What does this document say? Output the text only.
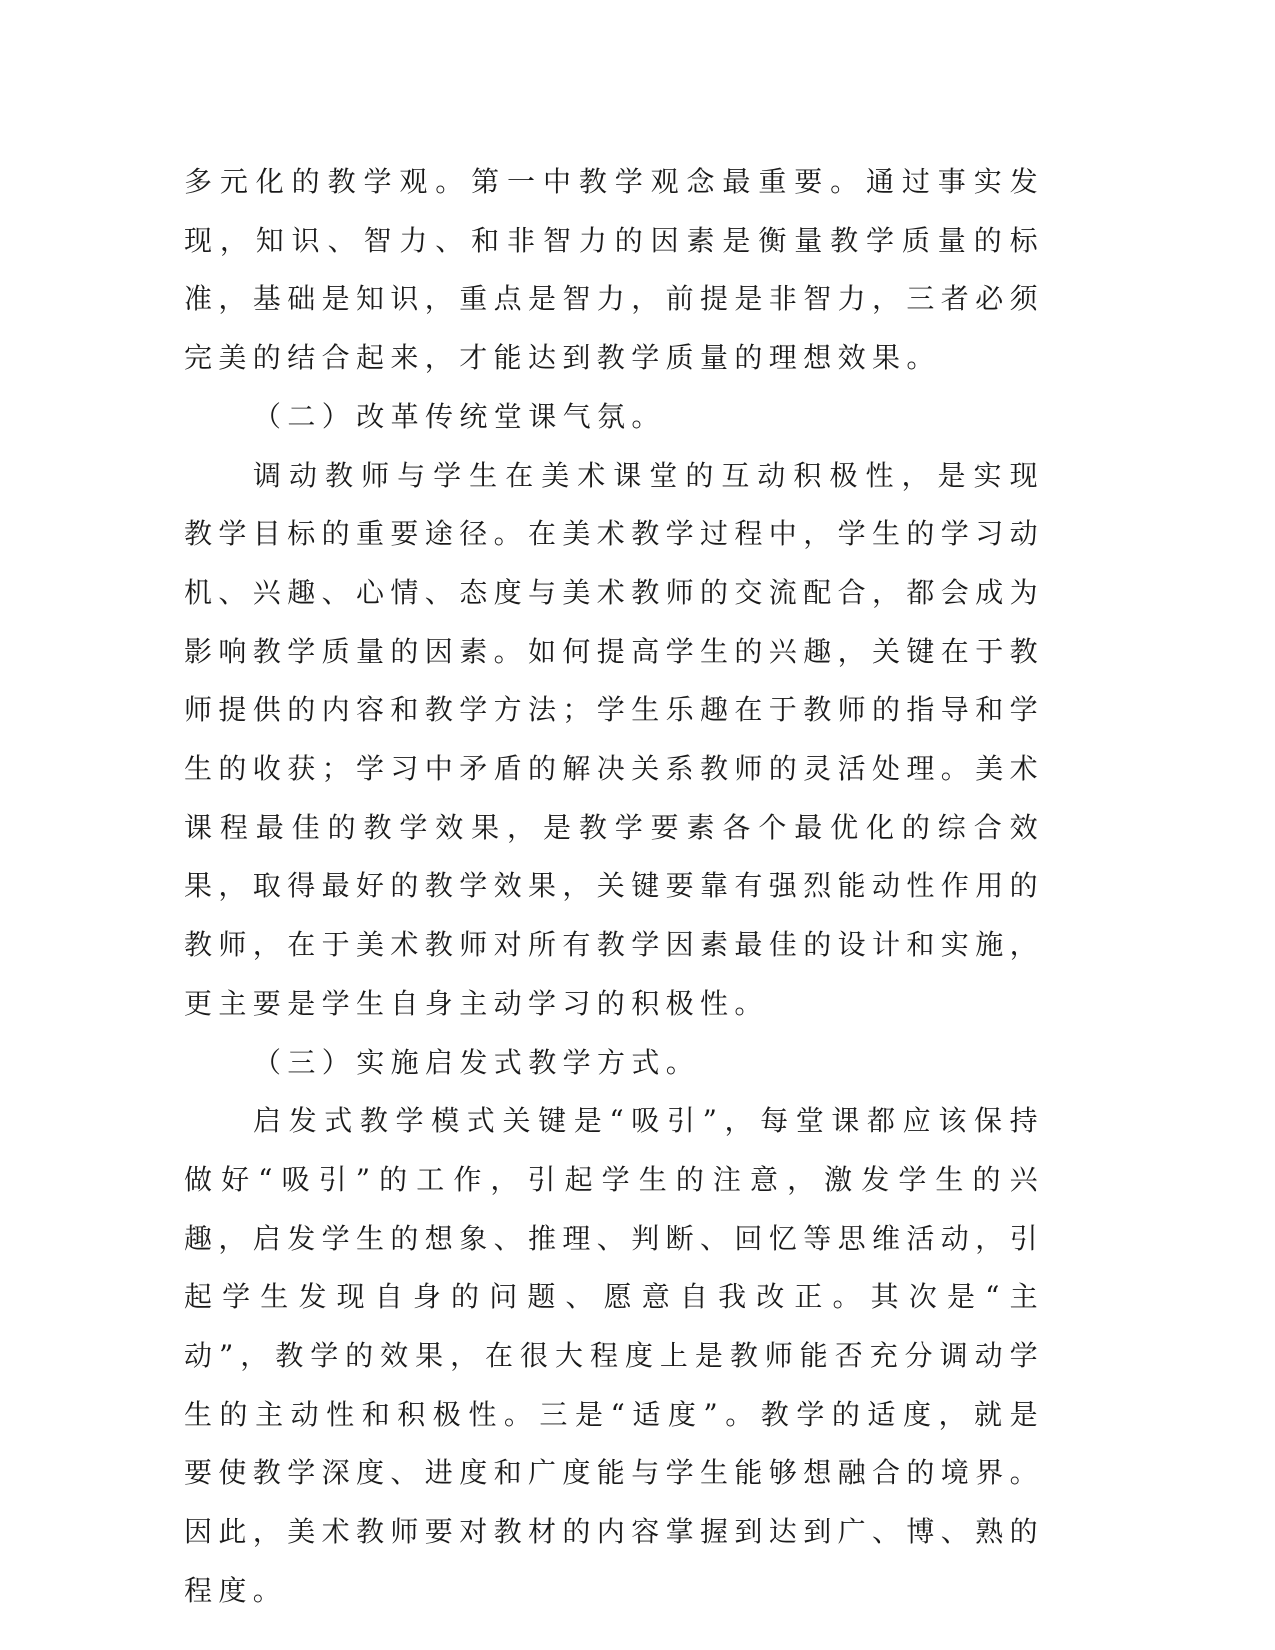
多元化的教学观。第一中教学观念最重要。通过事实发现，知识、智力、和非智力的因素是衡量教学质量的标准，基础是知识，重点是智力，前提是非智力，三者必须完美的结合起来，才能达到教学质量的理想效果。

（二）改革传统堂课气氛。

调动教师与学生在美术课堂的互动积极性，是实现教学目标的重要途径。在美术教学过程中，学生的学习动机、兴趣、心情、态度与美术教师的交流配合，都会成为影响教学质量的因素。如何提高学生的兴趣，关键在于教师提供的内容和教学方法；学生乐趣在于教师的指导和学生的收获；学习中矛盾的解决关系教师的灵活处理。美术课程最佳的教学效果，是教学要素各个最优化的综合效果，取得最好的教学效果，关键要靠有强烈能动性作用的教师，在于美术教师对所有教学因素最佳的设计和实施，更主要是学生自身主动学习的积极性。

（三）实施启发式教学方式。

启发式教学模式关键是“吸引”，每堂课都应该保持做好“吸引”的工作，引起学生的注意，激发学生的兴趣，启发学生的想象、推理、判断、回忆等思维活动，引起学生发现自身的问题、愿意自我改正。其次是“主动”，教学的效果，在很大程度上是教师能否充分调动学生的主动性和积极性。三是“适度”。教学的适度，就是要使教学深度、进度和广度能与学生能够想融合的境界。因此，美术教师要对教材的内容掌握到达到广、博、熟的程度。
